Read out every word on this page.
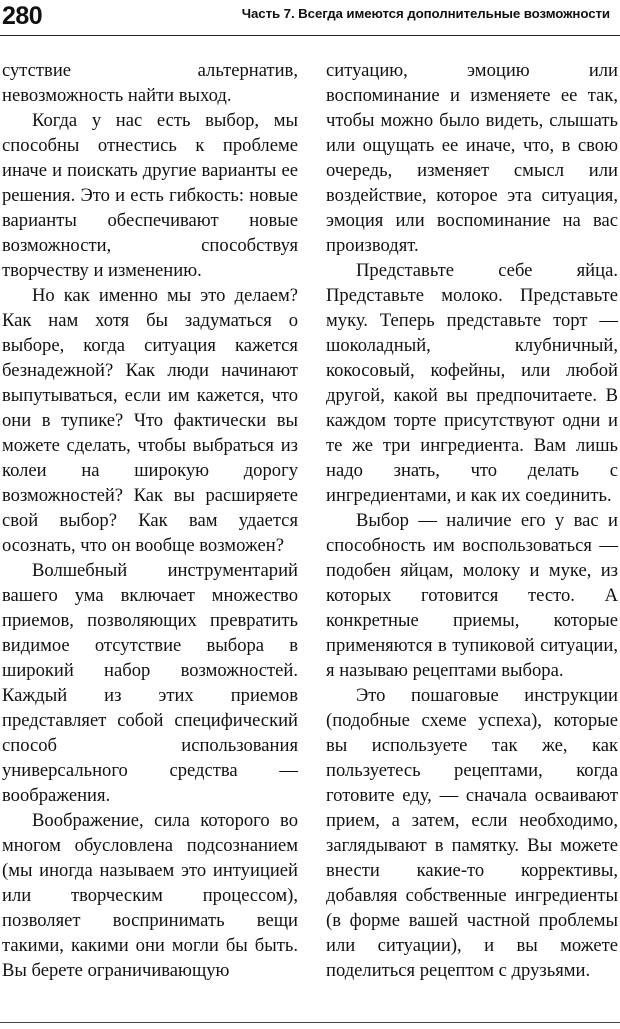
280	Часть 7. Всегда имеются дополнительные возможности

сутствие альтернатив, невозможность найти выход.

Когда у нас есть выбор, мы способны отнестись к проблеме иначе и поискать другие варианты ее решения. Это и есть гибкость: новые варианты обеспечивают новые возможности, способствуя творчеству и изменению.

Но как именно мы это делаем? Как нам хотя бы задуматься о выборе, когда ситуация кажется безнадежной? Как люди начинают выпутываться, если им кажется, что они в тупике? Что фактически вы можете сделать, чтобы выбраться из колеи на широкую дорогу возможностей? Как вы расширяете свой выбор? Как вам удается осознать, что он вообще возможен?

Волшебный инструментарий вашего ума включает множество приемов, позволяющих превратить видимое отсутствие выбора в широкий набор возможностей. Каждый из этих приемов представляет собой специфический способ использования универсального средства — воображения.

Воображение, сила которого во многом обусловлена подсознанием (мы иногда называем это интуицией или творческим процессом), позволяет воспринимать вещи такими, какими они могли бы быть. Вы берете ограничивающую

ситуацию, эмоцию или воспоминание и изменяете ее так, чтобы можно было видеть, слышать или ощущать ее иначе, что, в свою очередь, изменяет смысл или воздействие, которое эта ситуация, эмоция или воспоминание на вас производят.

Представьте себе яйца. Представьте молоко. Представьте муку. Теперь представьте торт — шоколадный, клубничный, кокосовый, кофейны, или любой другой, какой вы предпочитаете. В каждом торте присутствуют одни и те же три ингредиента. Вам лишь надо знать, что делать с ингредиентами, и как их соединить.

Выбор — наличие его у вас и способность им воспользоваться — подобен яйцам, молоку и муке, из которых готовится тесто. А конкретные приемы, которые применяются в тупиковой ситуации, я называю рецептами выбора.

Это пошаговые инструкции (подобные схеме успеха), которые вы используете так же, как пользуетесь рецептами, когда готовите еду, — сначала осваивают прием, а затем, если необходимо, заглядывают в памятку. Вы можете внести какие-то коррективы, добавляя собственные ингредиенты (в форме вашей частной проблемы или ситуации), и вы можете поделиться рецептом с друзьями.
